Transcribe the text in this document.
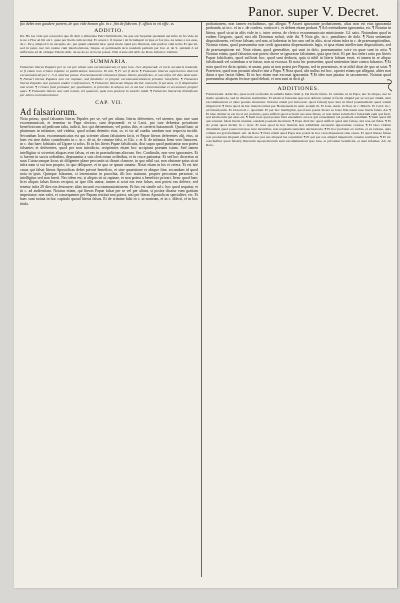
Panor. super V. Decret.
fuo debet non gaudere patrem, de quo vide bonum glo. in c. ftin de fidecom. §. officis in vit offic. ss
ADDITIO.
Ibi. Bx loe vide qui concordat que ift dicit a elibertate Petri Sublidicam. Ite que ant Sequitur quantum aut infra in fra vide an is ne a Hos ad liti ais l. quae per litem cum noviter Et cetera l. fi tiquae t sit lictumquit ut ipsa et foz pia, na tenus a res esse, de c. ibi q aliquod d. in exceptio Ac. per quem oderumt iure, quod modo apud pro libertate, nisi pudi ut cum tertio Et que sit, sed in petet, nec lex ssatne cum interlocutione, Itaque. et petitionem sicu nondum petitum per hot. et de S. quidem d ad sufficiens ad ab oblique Valeris Abb. de ne de eo ut locus potest. Nisi d ante alii Abb. de Rota. Inferior. tristitur.
SUMMARIA.
Falsantes literas Papales per se vel per alium sunt excommunicati, et ipso iure, cler. deponendi, et curie secularis tradendi, et fi etiam non crimen infamie et publicatione bonorum. Ill tab. ¶ Fi vel fi dicin ¶ Falsantes litteras superiorum diversis excommunicati per c. 3 et alterias penas. Excommunicati retinentes falsas literas pontificias, si non infra 20 dies destruunt. ¶ Falsari literas Papales non est rapinae, sed falsitatis: et propter excommunicationem privatur beneficiis. ¶ Falsantes literas Papales non possunt audire Confessiones. ¶ Falsarius literarum Papae dicitur nonnulli, fi pecunia, et fi dispensatio non tenet. ¶ Crimen falsi probatur per qualitatem, si prioritas in aliquo est, et ad hoc circumstantiae et occasiones propter quas. ¶ Falsantes literas non sunt notati, vel quamvis, quia non possunt in sanctis reddi. ¶ Falsarius literarum Pontificum per alium excommunicatur.
CAP. VII.
Ad falsariorum.
Nota primo, quod falsantes literas Papales per se, vel per alium, literas deferentes, vel utentes, ipso iure sunt excommunicati, et tenentur in Papa clericus, sunt deponendi: et si Laici, pro iure debentur privatione beneficiorum ad pedicum talia, iudicii, hoc qui detinentium, vel potius ibis, et caeteris huiusmodi. Quoad hanc ut plurimum in infamiae, sed videtur, quod solum detentio eius, ss; et sic ad coadiu vandum non respectu incidit. Secundum Ioan. excommunicatus est qui scienter alium falsitatem facit, et Papae literas deferentes alij, eius, ut haec est sine dubio consideratio in c. in c. de ut, de crimine falsi, et Glo. c. et ff. de infamia. Item vero Innocent. in c. duo haec falsitatis ad Ugone si solus. Et in his literis Papae falsificatis, dixi supra quod punituntur non potest falsantes et deferentes, quod per non interdicta, recipientes etiam hoc accipiunt poenam istam. Sed tamen intelligitur si sciverint aliquas esse falsas, et eas in praeiudicium aliorum. Sec. Cardinalis, non vero ignorantes. Et si fuerint in sacris ordinibus, deponantur a suis clericorum ordinibus, et in cruce patiuntur. Et sed hoc diceretur ut suus Cuiuscumque locus sit diligenter plane peccantis ut dicunt clamore, in quo nihil sui, non obstante prius sicut infra nam si sui non proprio, in quo deliquere, et in quo se ipsum sanatur. Notat etiam in his et cetera. Et est iste casus qui falsat literas Apostolicas debet privari beneficio, et sine quaestione et absque fine, secundum id quod nota in ipsis. Quinque falsarum, si inveniantur in parochia, illi hoc statuunt, propter peccatum personae, si intelligitur sed non fuerit. Nec idem est, si aliquis sit ut rapinae, et non potest a beneficio privari. Item: quod haec licet aliquis falsas literas recipiat, ut ipse illis utatur, tamen si sciat eas esse falsas, non potest eas deferre, sed tenetur infra 20 dies eas destruere; alias incurrit excommunicationem. Et hoc est simile ad c. hoc quod sequitur, et in c. ad audientiam. Notatur etiam, qui literas Papae falsat per se vel per alium, si postea dicatur eum gratiam impetrasse, non valet, et consequenter per Papam restitui non potest, nisi per literas Apostolicas specialiter, etc. Et haec sunt notata in hoc capitulo quoad literas falsas. Et de crimine falsi in c. ut nostrum, et in c. dilecti, et in hoc titulo.
probationem, non tamen excludimus, qui allegat. ¶ Assert ignorantie probationem, alias non est eius ignorantia probanda, ut in c. et in c. de confess. contra et i. et debent etiam probari. ¶ Ad certitudinem ignorantia, etc. ¶ Notatur in littera, quod sicut in aliis vide in c. inter cetera, de clerico excommunicato ministrante. Gl. satis. Notandum quod in eodem Gregorio, quod, nisi alii Dominus noluit, vide ibi. ¶ Nota glo. in c. penultimo de dolo. ¶ Nota sententiae dispositionem, vel esse falsum, sed non, ut habeatur in hoc uno sed in aliis, sicut etiam infra in c. de praesumptionibus. Notatur etiam, quod praesumitur non credi ignorantia dispensationis legis, et ipsa etiam intellectum dispositionis, sed de praesumptione est. Nota etiam, quod generaliter, qui sunt in dolo, praesumuntur scire ea quae sunt in actu. ¶ Notatur etiam, quod falsarius non potest dicere se ignorasse falsitatem, quia ipse fecit. Et per hoc infert ratio pro literis Papae falsificatis, quod sufficiat hoc, quod sunt deducta, quia si nihil in literis falsum esset, et tamen in re aliquo falsificandi vel sciendum a se fuisse, non ut excusat. Et nota hic praesertim, quod sententiae latae contra falsarios. ¶ Et nota quod est dicta opinio, et unam, puta ut non potest per Papam, sed in praemissis, et ut nihil dicat de quo ut sciat. ¶ Praeterea, quod non possunt absolvi nisi a Papa. ¶ Nota quod, ubi nullus est hoc, oportet etiam qui allegant, aliter non datur a quo faciat fidem. Et in hoc etiam non excusat ignorantia. ¶ Et ideo non putatur in sacramento. Notatur quod praesumitur aliquem fecisse quod debuit, et non sunt ut dicit gl.
ADDITIONES.
Falsariorum. Adde his, quae notat Gofredus in summa huius tituli §. De literis falsis. Ut omnino ut in Papa, nec in aliquo, nec in multo quomodo, sed in diversis nominibus. Et etiam si falsarius ipse non deferat, tamen si faciat aliquid per se vel per alium, sunt excommunicati et alias poenas incurrunt. Notatur etiam per Innocent. quod falsarij ipso iure in illud poenitentiam quod solum impetravit. ¶ Nota quod de hac materia latius per Hostiensem in sum. eodem tit. Et Ioan. Andr. in Nou. in c. Dilecti. Et Card. in c. ad falsariorum. Et id nota in c. quoniam. Et per hoc intelligitur, quod non potest dicere se bona fide usum esse literis falsis. Ab. ¶ Et ideo dicitur ut est ita si est probatio, quia sufficit quod sciverit eas esse falsas, et non debet solum dici falsarium eum qui fecit, sed etiam eum qui usus est. ¶ Item nota quod poena falsi extenditur ad eos qui consentiunt vel praebent auxilium. ¶ Item quod illi qui scienter falsis literis utuntur, eandem poenam incurrunt. ¶ Papa dicit hic quod sufficit quod sint falsae, ubi non est fides. ¶ Et sic patet quod dicitur in c. licet. Et nota quod in hac materia non admittitur excusatio ignorantiae crassae. ¶ Et ideo videtur dicendum quod poena ista ipso iure incurritur, non requisita sententia declaratoria. ¶ Et hoc probatur ex verbis, et ex ratione, quia crimen est gravissimum. Ab. de Rota. ¶ Nota etiam quod Papa non potest in hoc casu dispensare sine causa. Et quod literae falsae non producunt aliquem effectum, nec per eas aliquod ius acquiritur. ¶ Et qui per eas aliquid impetravit, tenetur restituere. ¶ Et sic concluditur quod falsarij literarum Apostolicarum sunt excommunicati ipso iure, et privantur beneficiis, et sunt infames. Ab. de Rota.
